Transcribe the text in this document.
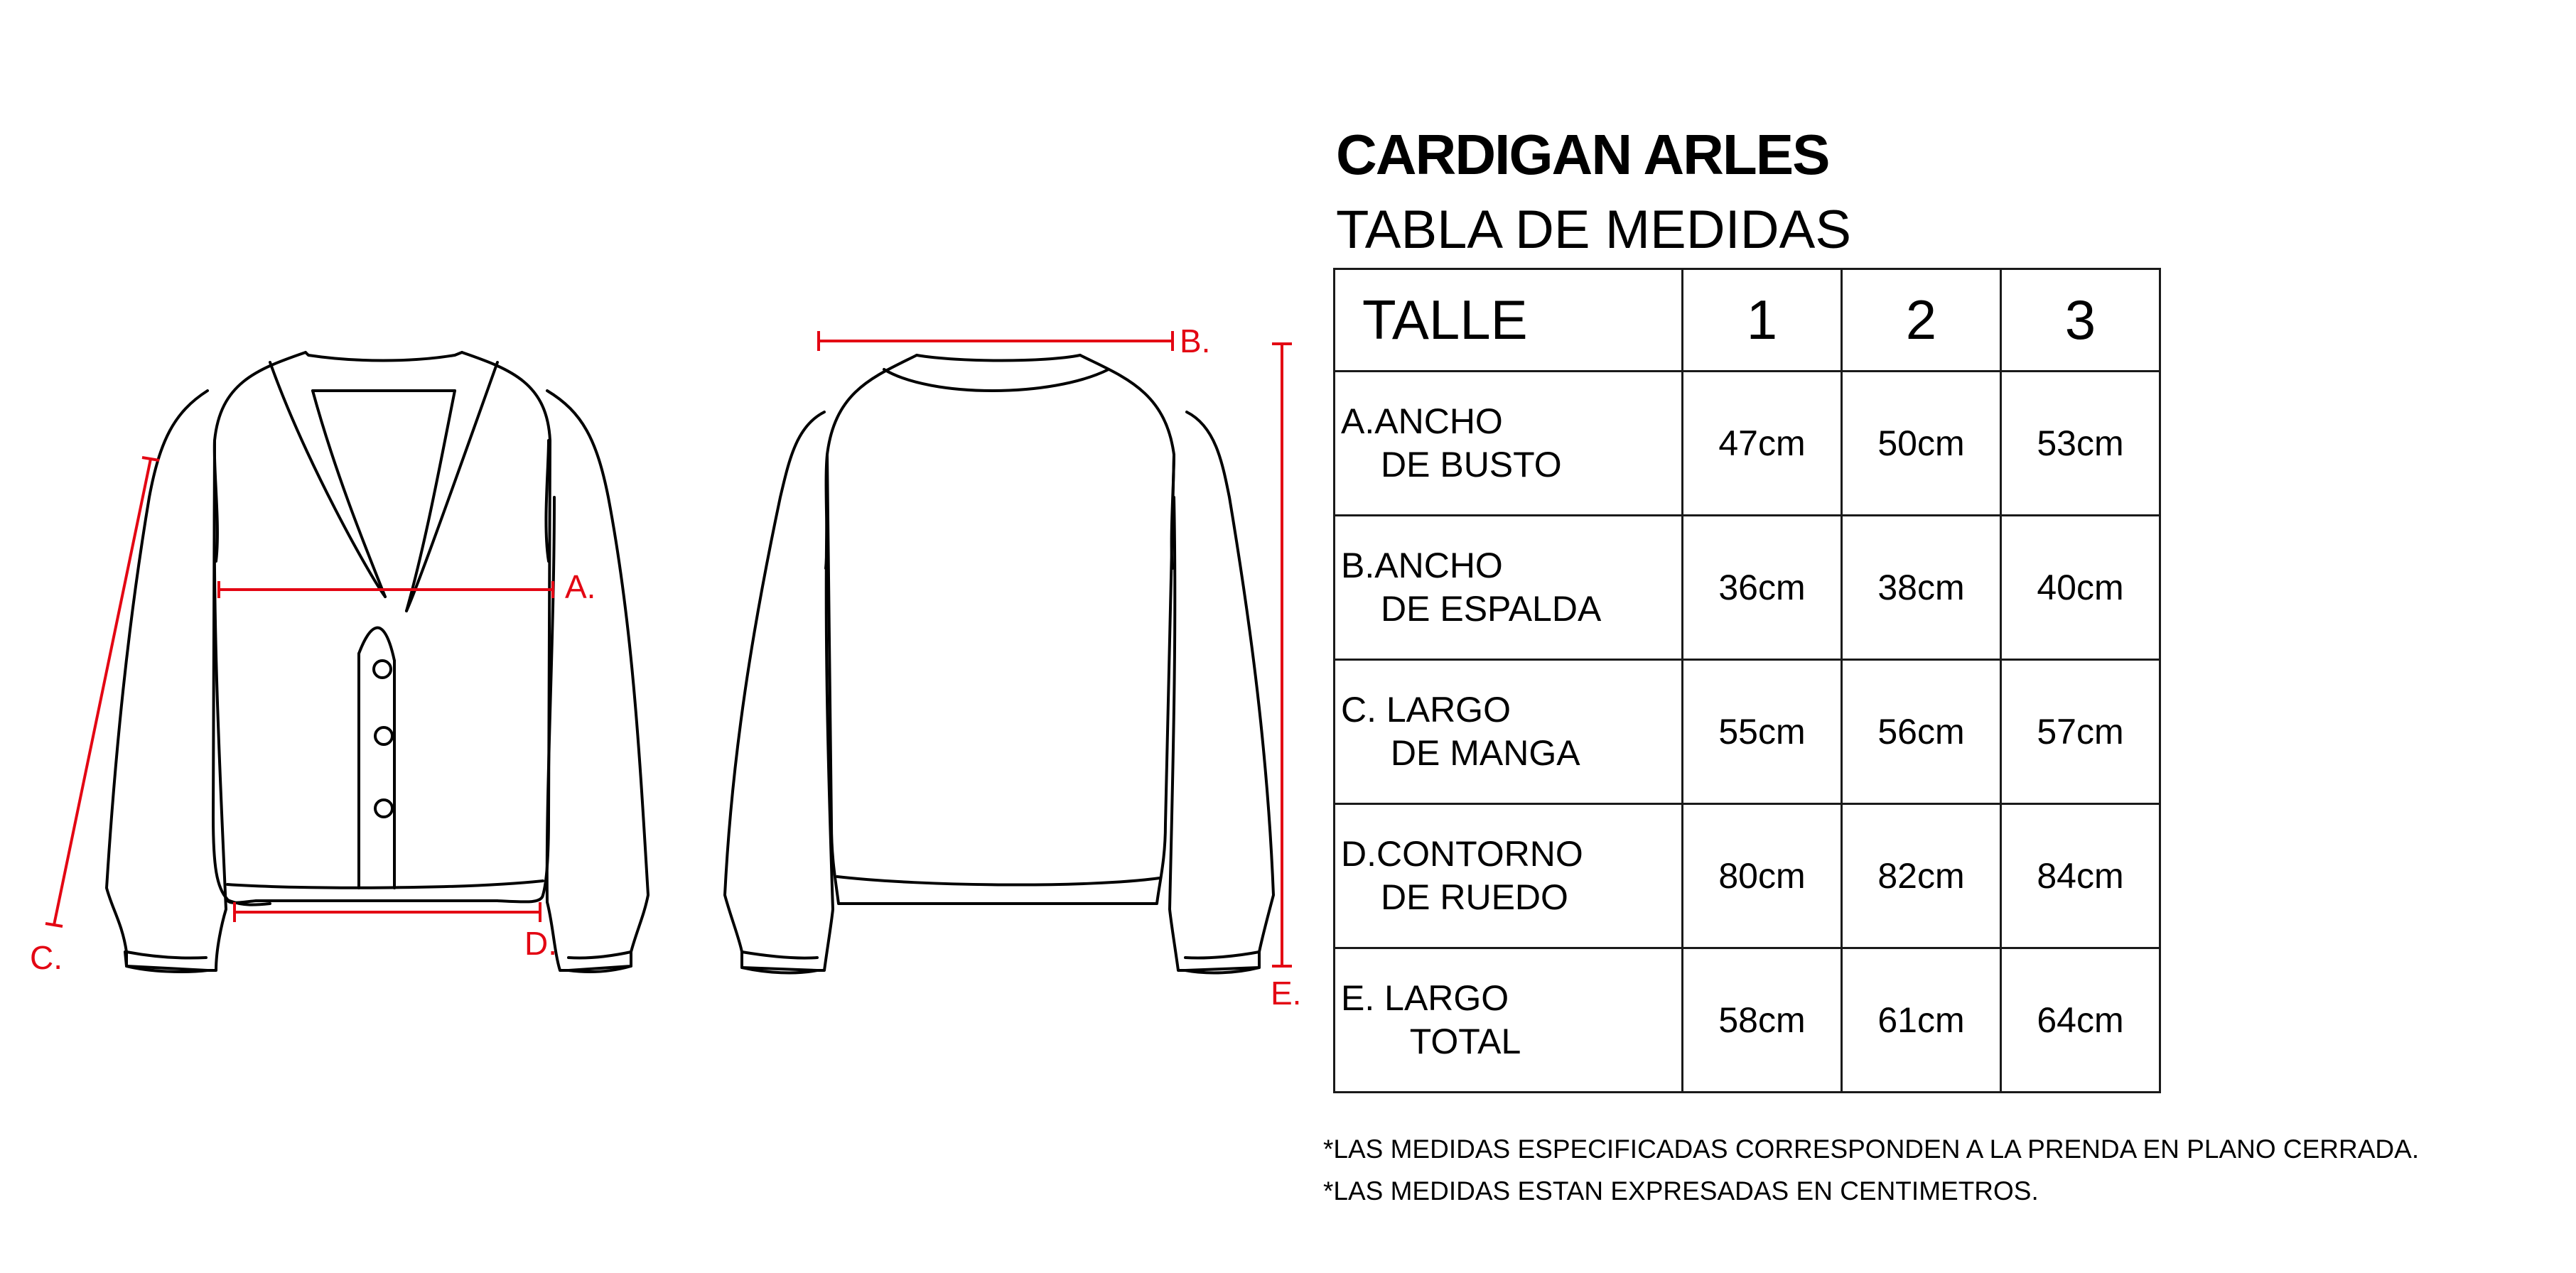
A.
B.
C.	D.
E.
CARDIGAN ARLES
TABLA DE MEDIDAS
TALLE	1	2	3

A.ANCHO
DE BUSTO	47cm	50cm	53cm

B.ANCHO
DE ESPALDA	36cm	38cm	40cm

C. LARGO
DE MANGA	55cm	56cm	57cm

D.CONTORNO
DE RUEDO	80cm	82cm	84cm

E. LARGO
TOTAL	58cm	61cm	64cm
*LAS MEDIDAS ESPECIFICADAS CORRESPONDEN A LA PRENDA EN PLANO CERRADA.
*LAS MEDIDAS ESTAN EXPRESADAS EN CENTIMETROS.
